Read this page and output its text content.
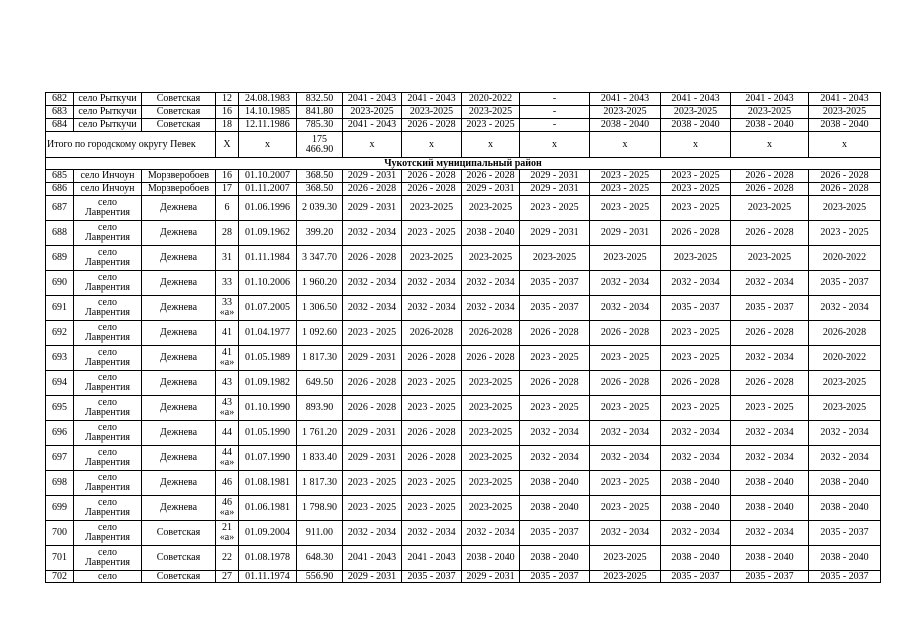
682	село Рыткучи	Советская	12	24.08.1983	832.50	2041 - 2043	2041 - 2043	2020-2022	-	2041 - 2043	2041 - 2043	2041 - 2043	2041 - 2043
683	село Рыткучи	Советская	16	14.10.1985	841.80	2023-2025	2023-2025	2023-2025	-	2023-2025	2023-2025	2023-2025	2023-2025
684	село Рыткучи	Советская	18	12.11.1986	785.30	2041 - 2043	2026 - 2028	2023 - 2025	-	2038 - 2040	2038 - 2040	2038 - 2040	2038 - 2040
Итого по городскому округу Певек			X	х	175 466.90	х	х	х	х	х	х	х	х
Чукотский муниципальный район													
685	село Инчоун	Морзверобоев	16	01.10.2007	368.50	2029 - 2031	2026 - 2028	2026 - 2028	2029 - 2031	2023 - 2025	2023 - 2025	2026 - 2028	2026 - 2028
686	село Инчоун	Морзверобоев	17	01.11.2007	368.50	2026 - 2028	2026 - 2028	2029 - 2031	2029 - 2031	2023 - 2025	2023 - 2025	2026 - 2028	2026 - 2028
687	село Лаврентия	Дежнева	6	01.06.1996	2 039.30	2029 - 2031	2023-2025	2023-2025	2023 - 2025	2023 - 2025	2023 - 2025	2023-2025	2023-2025
688	село Лаврентия	Дежнева	28	01.09.1962	399.20	2032 - 2034	2023 - 2025	2038 - 2040	2029 - 2031	2029 - 2031	2026 - 2028	2026 - 2028	2023 - 2025
689	село Лаврентия	Дежнева	31	01.11.1984	3 347.70	2026 - 2028	2023-2025	2023-2025	2023-2025	2023-2025	2023-2025	2023-2025	2020-2022
690	село Лаврентия	Дежнева	33	01.10.2006	1 960.20	2032 - 2034	2032 - 2034	2032 - 2034	2035 - 2037	2032 - 2034	2032 - 2034	2032 - 2034	2035 - 2037
691	село Лаврентия	Дежнева	33 «а»	01.07.2005	1 306.50	2032 - 2034	2032 - 2034	2032 - 2034	2035 - 2037	2032 - 2034	2035 - 2037	2035 - 2037	2032 - 2034
692	село Лаврентия	Дежнева	41	01.04.1977	1 092.60	2023 - 2025	2026-2028	2026-2028	2026 - 2028	2026 - 2028	2023 - 2025	2026 - 2028	2026-2028
693	село Лаврентия	Дежнева	41 «а»	01.05.1989	1 817.30	2029 - 2031	2026 - 2028	2026 - 2028	2023 - 2025	2023 - 2025	2023 - 2025	2032 - 2034	2020-2022
694	село Лаврентия	Дежнева	43	01.09.1982	649.50	2026 - 2028	2023 - 2025	2023-2025	2026 - 2028	2026 - 2028	2026 - 2028	2026 - 2028	2023-2025
695	село Лаврентия	Дежнева	43 «а»	01.10.1990	893.90	2026 - 2028	2023 - 2025	2023-2025	2023 - 2025	2023 - 2025	2023 - 2025	2023 - 2025	2023-2025
696	село Лаврентия	Дежнева	44	01.05.1990	1 761.20	2029 - 2031	2026 - 2028	2023-2025	2032 - 2034	2032 - 2034	2032 - 2034	2032 - 2034	2032 - 2034
697	село Лаврентия	Дежнева	44 «а»	01.07.1990	1 833.40	2029 - 2031	2026 - 2028	2023-2025	2032 - 2034	2032 - 2034	2032 - 2034	2032 - 2034	2032 - 2034
698	село Лаврентия	Дежнева	46	01.08.1981	1 817.30	2023 - 2025	2023 - 2025	2023-2025	2038 - 2040	2023 - 2025	2038 - 2040	2038 - 2040	2038 - 2040
699	село Лаврентия	Дежнева	46 «а»	01.06.1981	1 798.90	2023 - 2025	2023 - 2025	2023-2025	2038 - 2040	2023 - 2025	2038 - 2040	2038 - 2040	2038 - 2040
700	село Лаврентия	Советская	21 «а»	01.09.2004	911.00	2032 - 2034	2032 - 2034	2032 - 2034	2035 - 2037	2032 - 2034	2032 - 2034	2032 - 2034	2035 - 2037
701	село Лаврентия	Советская	22	01.08.1978	648.30	2041 - 2043	2041 - 2043	2038 - 2040	2038 - 2040	2023-2025	2038 - 2040	2038 - 2040	2038 - 2040
702	село	Советская	27	01.11.1974	556.90	2029 - 2031	2035 - 2037	2029 - 2031	2035 - 2037	2023-2025	2035 - 2037	2035 - 2037	2035 - 2037
